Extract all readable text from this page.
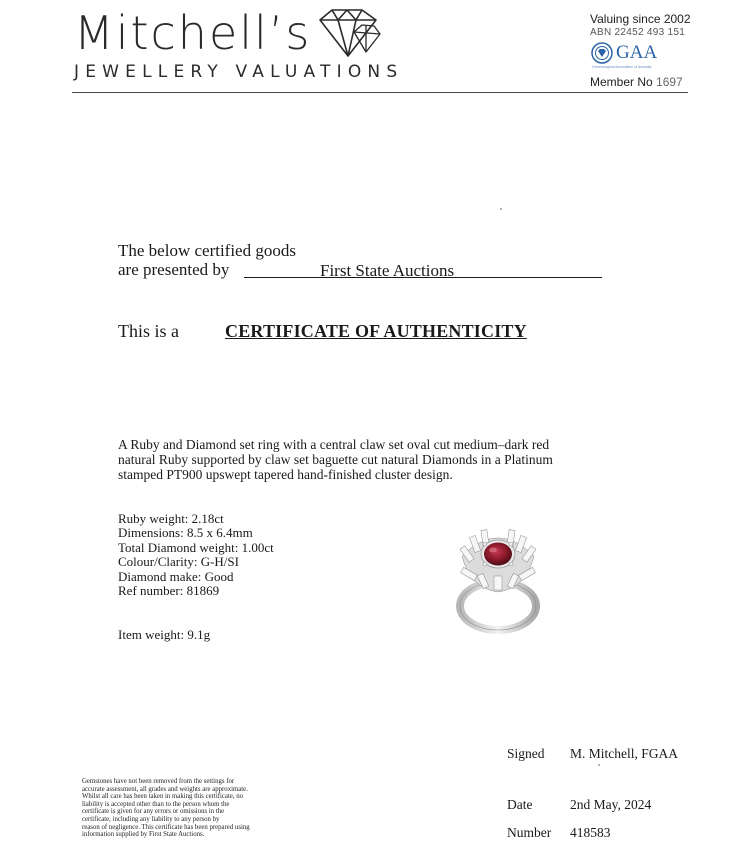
Mitchell’s
JEWELLERY VALUATIONS
Valuing since 2002
ABN 22452 493 151
GAA
Gemmological Association of Australia
Member No 1697
The below certified goods
are presented by	First State Auctions
This is a	CERTIFICATE OF AUTHENTICITY
A Ruby and Diamond set ring with a central claw set oval cut medium–dark red
natural Ruby supported by claw set baguette cut natural Diamonds in a Platinum
stamped PT900 upswept tapered hand-finished cluster design.
Ruby weight: 2.18ct
Dimensions: 8.5 x 6.4mm
Total Diamond weight: 1.00ct
Colour/Clarity: G-H/SI
Diamond make: Good
Ref number: 81869
Item weight: 9.1g
Signed M. Mitchell, FGAA
Date	2nd May, 2024
Number 418583
Gemstones have not been removed from the settings for
accurate assessment, all grades and weights are approximate.
Whilst all care has been taken in making this certificate, no
liability is accepted other than to the person whom the
certificate is given for any errors or omissions in the
certificate, including any liability to any person by
reason of negligence. This certificate has been prepared using
information supplied by First State Auctions.
